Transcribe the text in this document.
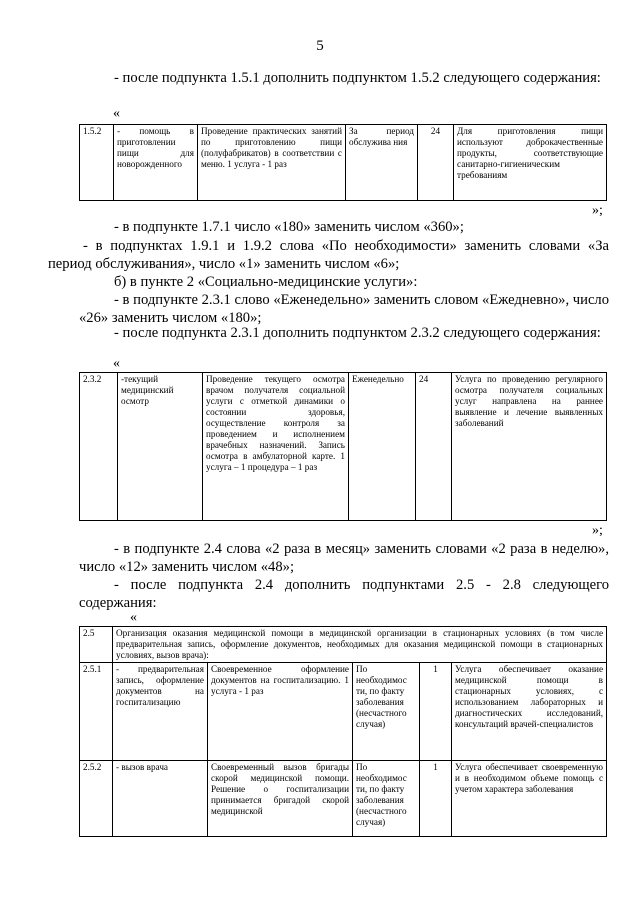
5
- после подпункта 1.5.1 дополнить подпунктом 1.5.2 следующего содержания:
«
1.5.2	- помощь в приготовлении пищи для новорожденного	Проведение практических занятий по приготовлению пищи (полуфабрикатов) в соответствии с меню. 1 услуга - 1 раз	За период обслужива ния	24	Для приготовления пищи используют доброкачественные продукты, соответствующие санитарно-гигиеническим требованиям
»;
- в подпункте 1.7.1 число «180» заменить числом «360»;
- в подпунктах 1.9.1 и 1.9.2 слова «По необходимости» заменить словами «За период обслуживания», число «1» заменить числом «6»;
б) в пункте 2 «Социально-медицинские услуги»:
- в подпункте 2.3.1 слово «Еженедельно» заменить словом «Ежедневно», число «26» заменить числом «180»;
- после подпункта 2.3.1 дополнить подпунктом 2.3.2 следующего содержания:
«
2.3.2	-текущий медицинский осмотр	Проведение текущего осмотра врачом получателя социальной услуги с отметкой динамики о состоянии здоровья, осуществление контроля за проведением и исполнением врачебных назначений. Запись осмотра в амбулаторной карте. 1 услуга – 1 процедура – 1 раз	Еженедельно	24	Услуга по проведению регулярного осмотра получателя социальных услуг направлена на раннее выявление и лечение выявленных заболеваний
»;
- в подпункте 2.4 слова «2 раза в месяц» заменить словами «2 раза в неделю», число «12» заменить числом «48»;
- после подпункта 2.4 дополнить подпунктами 2.5 - 2.8 следующего содержания:
«
2.5	Организация оказания медицинской помощи в медицинской организации в стационарных условиях (в том числе предварительная запись, оформление документов, необходимых для оказания медицинской помощи в стационарных условиях, вызов врача):				
2.5.1	- предварительная запись, оформление документов на госпитализацию	Своевременное оформление документов на госпитализацию. 1 услуга - 1 раз	По необходимос ти, по факту заболевания (несчастного случая)	1	Услуга обеспечивает оказание медицинской помощи в стационарных условиях, с использованием лабораторных и диагностических исследований, консультаций врачей-специалистов
2.5.2	- вызов врача	Своевременный вызов бригады скорой медицинской помощи. Решение о госпитализации принимается бригадой скорой медицинской	По необходимос ти, по факту заболевания (несчастного случая)	1	Услуга обеспечивает своевременную и в необходимом объеме помощь с учетом характера заболевания
